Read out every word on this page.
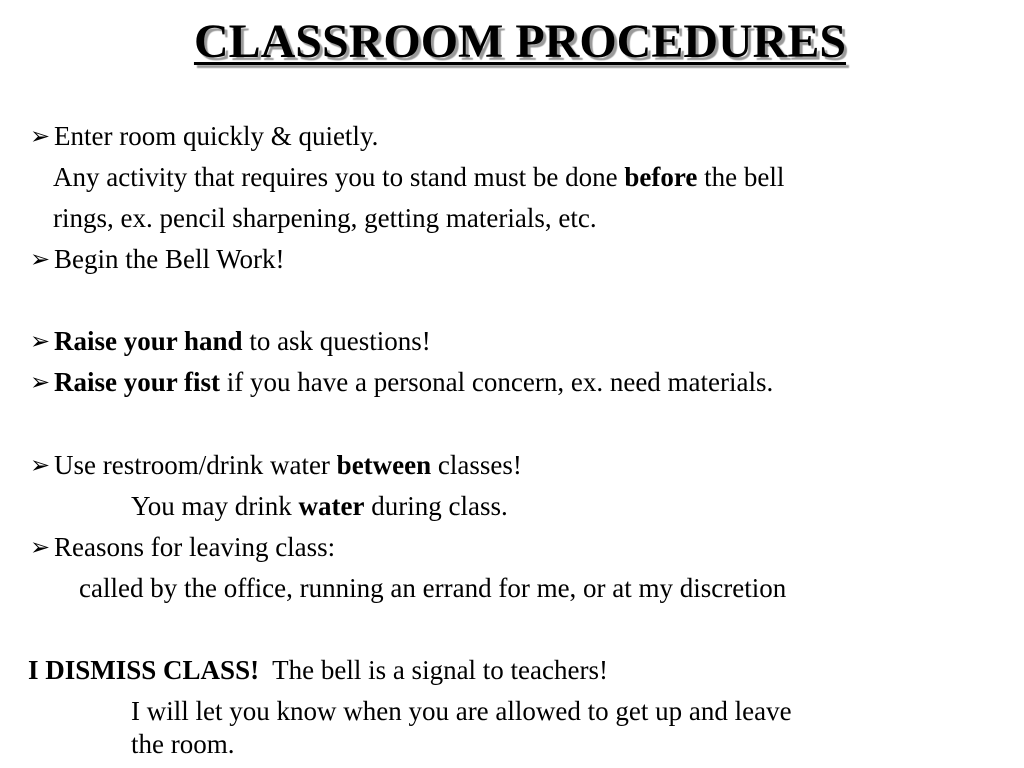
CLASSROOM PROCEDURES
➢ Enter room quickly & quietly.
Any activity that requires you to stand must be done before the bell
rings, ex. pencil sharpening, getting materials, etc.
➢ Begin the Bell Work!
➢ Raise your hand to ask questions!
➢ Raise your fist if you have a personal concern, ex. need materials.
➢ Use restroom/drink water between classes!
You may drink water during class.
➢ Reasons for leaving class:
called by the office, running an errand for me, or at my discretion
I DISMISS CLASS!  The bell is a signal to teachers!
I will let you know when you are allowed to get up and leave
the room.
